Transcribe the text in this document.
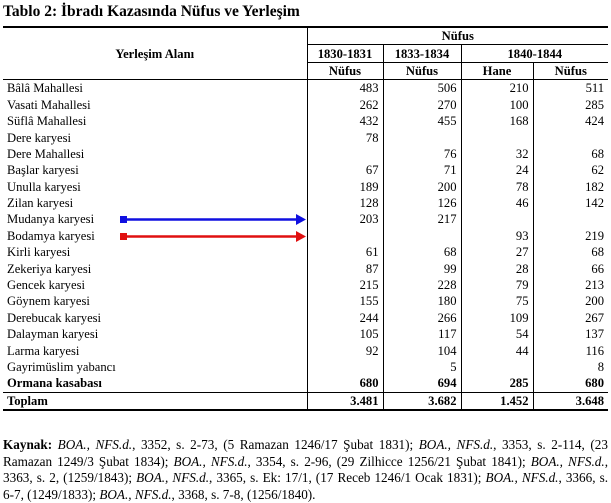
Tablo 2: İbradı Kazasında Nüfus ve Yerleşim
Yerleşim Alanı	Nüfus			
	1830-1831	1833-1834	1840-1844	
	Nüfus	Nüfus	Hane	Nüfus
Bâlâ Mahallesi	483	506	210	511
Vasati Mahallesi	262	270	100	285
Süflâ Mahallesi	432	455	168	424
Dere karyesi	78			
Dere Mahallesi		76	32	68
Başlar karyesi	67	71	24	62
Unulla karyesi	189	200	78	182
Zilan karyesi	128	126	46	142
Mudanya karyesi	203	217		
Bodamya karyesi			93	219
Kirli karyesi	61	68	27	68
Zekeriya karyesi	87	99	28	66
Gencek karyesi	215	228	79	213
Göynem karyesi	155	180	75	200
Derebucak karyesi	244	266	109	267
Dalayman karyesi	105	117	54	137
Larma karyesi	92	104	44	116
Gayrimüslim yabancı		5		8
Ormana kasabası	680	694	285	680
Toplam	3.481	3.682	1.452	3.648
Kaynak: BOA., NFS.d., 3352, s. 2-73, (5 Ramazan 1246/17 Şubat 1831); BOA., NFS.d., 3353, s. 2-114, (23 Ramazan 1249/3 Şubat 1834); BOA., NFS.d., 3354, s. 2-96, (29 Zilhicce 1256/21 Şubat 1841); BOA., NFS.d., 3363, s. 2, (1259/1843); BOA., NFS.d., 3365, s. Ek: 17/1, (17 Receb 1246/1 Ocak 1831); BOA., NFS.d., 3366, s. 6-7, (1249/1833); BOA., NFS.d., 3368, s. 7-8, (1256/1840).
